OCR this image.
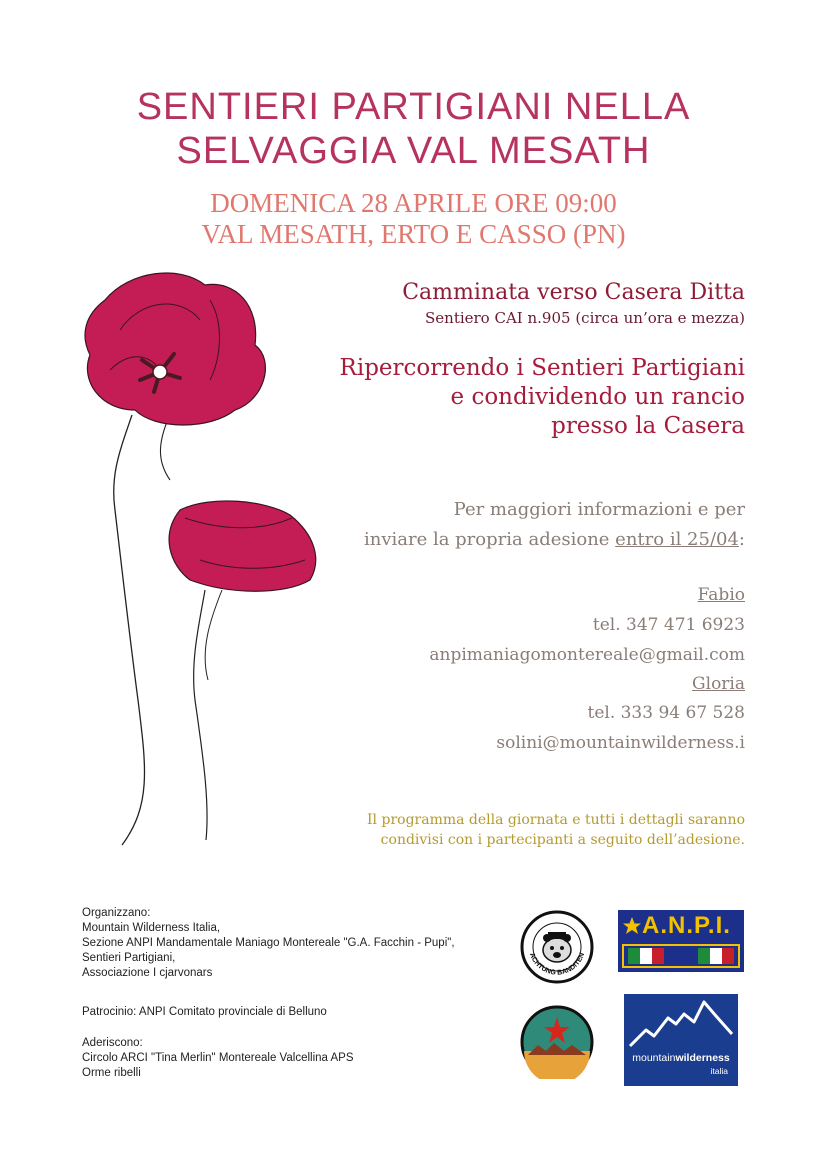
SENTIERI PARTIGIANI NELLA
SELVAGGIA VAL MESATH
DOMENICA 28 APRILE ORE 09:00
VAL MESATH, ERTO E CASSO (PN)
Camminata verso Casera Ditta
Sentiero CAI n.905 (circa un’ora e mezza)
Ripercorrendo i Sentieri Partigiani
e condividendo un rancio
presso la Casera
Per maggiori informazioni e per
inviare la propria adesione entro il 25/04:
Fabio
tel. 347 471 6923
anpimaniagomontereale@gmail.com
Gloria
tel. 333 94 67 528
solini@mountainwilderness.i
Il programma della giornata e tutti i dettagli saranno
condivisi con i partecipanti a seguito dell’adesione.
Organizzano:
Mountain Wilderness Italia,
Sezione ANPI Mandamentale Maniago Montereale "G.A. Facchin - Pupi",
Sentieri Partigiani,
Associazione I cjarvonars
Patrocinio: ANPI Comitato provinciale di Belluno
Aderiscono:
Circolo ARCI "Tina Merlin" Montereale Valcellina APS
Orme ribelli
ACHTUNG BANDITEN
A.N.P.I.
mountainwilderness
italia
